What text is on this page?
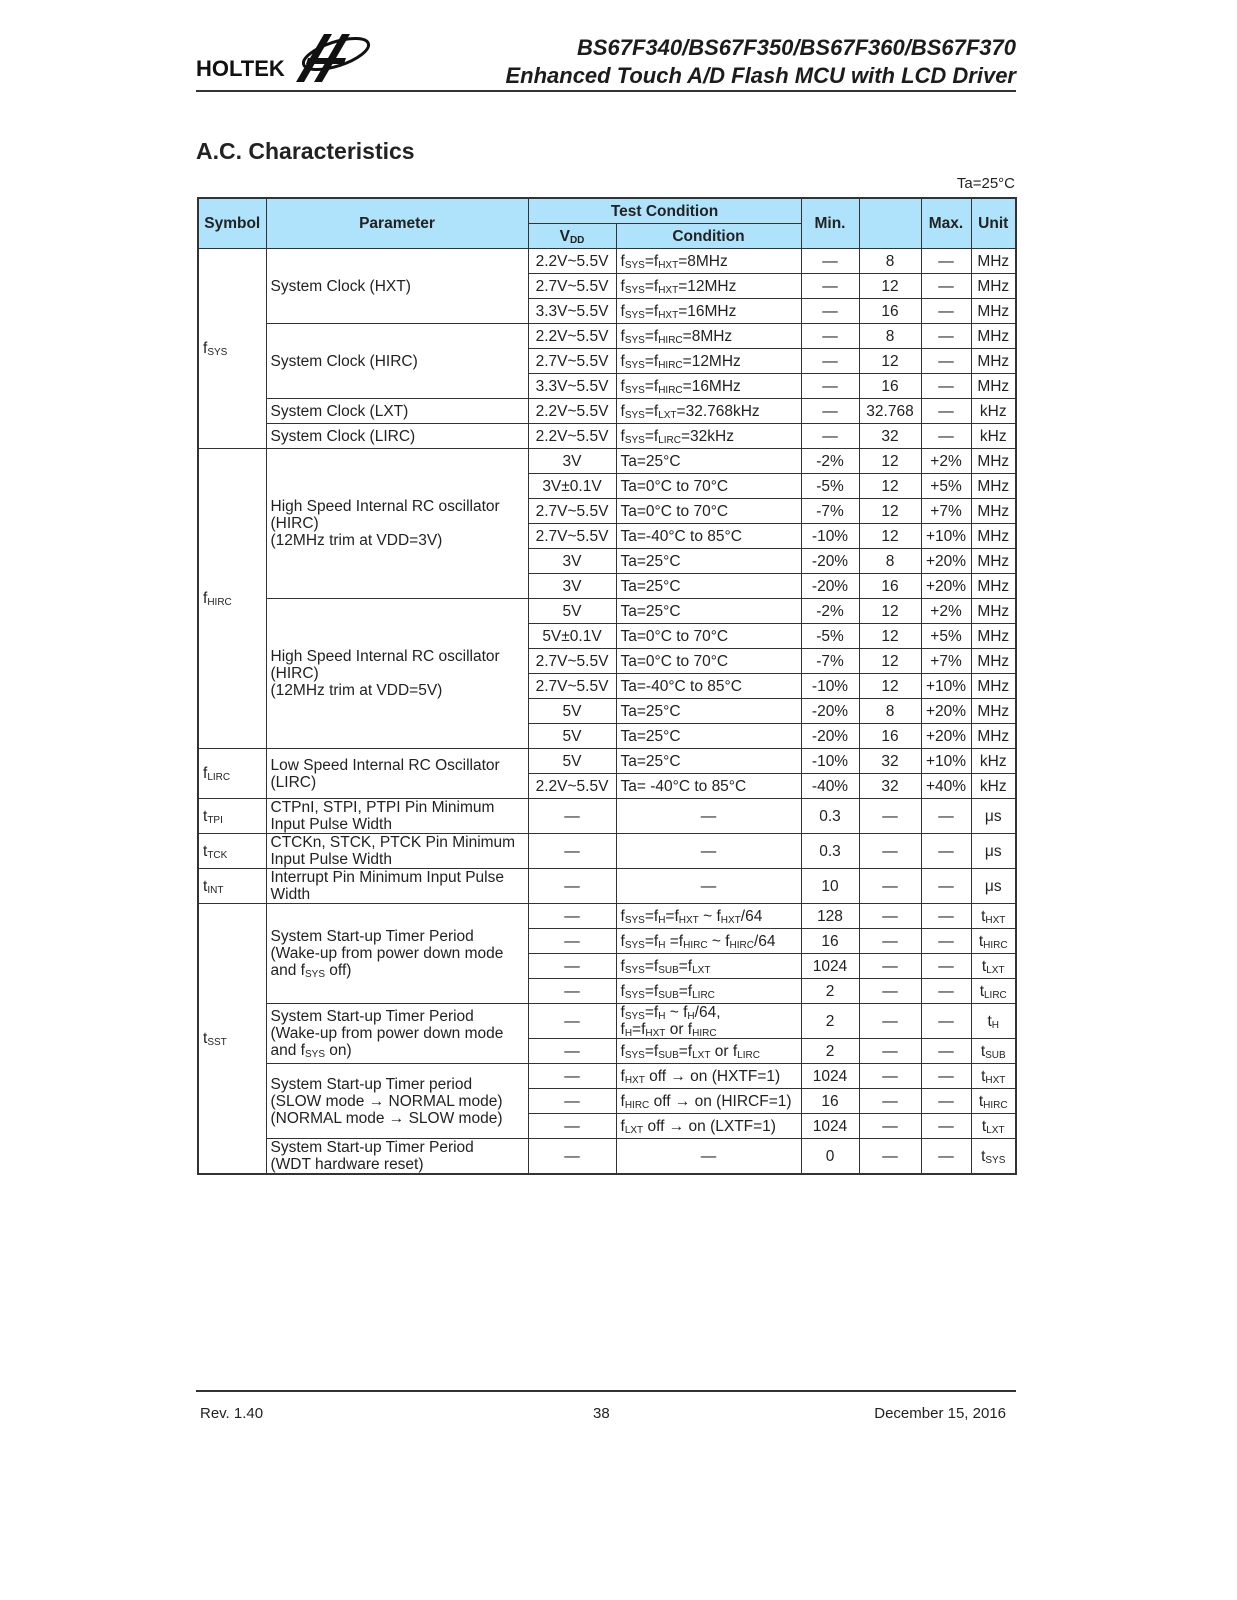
HOLTEK
BS67F340/BS67F350/BS67F360/BS67F370
Enhanced Touch A/D Flash MCU with LCD Driver
A.C. Characteristics
Ta=25°C
Symbol	Parameter	Test Condition		Min.		Max.	Unit
		$V_{DD}$	Condition				
$f_{SYS}$	System Clock (HXT)	2.2V~5.5V	$f_{SYS}=f_{HXT}=8MHz$	—	8	—	MHz
		2.7V~5.5V	$f_{SYS}=f_{HXT}=12MHz$	—	12	—	MHz
		3.3V~5.5V	$f_{SYS}=f_{HXT}=16MHz$	—	16	—	MHz
	System Clock (HIRC)	2.2V~5.5V	$f_{SYS}=f_{HIRC}=8MHz$	—	8	—	MHz
		2.7V~5.5V	$f_{SYS}=f_{HIRC}=12MHz$	—	12	—	MHz
		3.3V~5.5V	$f_{SYS}=f_{HIRC}=16MHz$	—	16	—	MHz
	System Clock (LXT)	2.2V~5.5V	$f_{SYS}=f_{LXT}=32.768kHz$	—	32.768	—	kHz
	System Clock (LIRC)	2.2V~5.5V	$f_{SYS}=f_{LIRC}=32kHz$	—	32	—	kHz
$f_{HIRC}$	High Speed Internal RC oscillator
(HIRC)
(12MHz trim at VDD=3V)	3V	Ta=25°C	-2%	12	+2%	MHz
		3V±0.1V	Ta=0°C to 70°C	-5%	12	+5%	MHz
		2.7V~5.5V	Ta=0°C to 70°C	-7%	12	+7%	MHz
		2.7V~5.5V	Ta=-40°C to 85°C	-10%	12	+10%	MHz
		3V	Ta=25°C	-20%	8	+20%	MHz
		3V	Ta=25°C	-20%	16	+20%	MHz
	High Speed Internal RC oscillator
(HIRC)
(12MHz trim at VDD=5V)	5V	Ta=25°C	-2%	12	+2%	MHz
		5V±0.1V	Ta=0°C to 70°C	-5%	12	+5%	MHz
		2.7V~5.5V	Ta=0°C to 70°C	-7%	12	+7%	MHz
		2.7V~5.5V	Ta=-40°C to 85°C	-10%	12	+10%	MHz
		5V	Ta=25°C	-20%	8	+20%	MHz
		5V	Ta=25°C	-20%	16	+20%	MHz
$f_{LIRC}$	Low Speed Internal RC Oscillator
(LIRC)	5V	Ta=25°C	-10%	32	+10%	kHz
		2.2V~5.5V	Ta= -40°C to 85°C	-40%	32	+40%	kHz
$t_{TPI}$	CTPnI, STPI, PTPI Pin Minimum
Input Pulse Width	—	—	0.3	—	—	μs
$t_{TCK}$	CTCKn, STCK, PTCK Pin Minimum
Input Pulse Width	—	—	0.3	—	—	μs
$t_{INT}$	Interrupt Pin Minimum Input Pulse
Width	—	—	10	—	—	μs
$t_{SST}$	System Start-up Timer Period
(Wake-up from power down mode
and $f_{SYS}$ off)	—	$f_{SYS}=f_H=f_{HXT}$ ~ $f_{HXT}/64$	128	—	—	$t_{HXT}$
		—	$f_{SYS}=f_H =f_{HIRC}$ ~ $f_{HIRC}/64$	16	—	—	$t_{HIRC}$
		—	$f_{SYS}=f_{SUB}=f_{LXT}$	1024	—	—	$t_{LXT}$
		—	$f_{SYS}=f_{SUB}=f_{LIRC}$	2	—	—	$t_{LIRC}$
	System Start-up Timer Period
(Wake-up from power down mode
and $f_{SYS}$ on)	—	$f_{SYS}=f_H$ ~ $f_H/64$,
$f_H=f_{HXT}$ or $f_{HIRC}$	2	—	—	$t_H$
		—	$f_{SYS}=f_{SUB}=f_{LXT}$ or $f_{LIRC}$	2	—	—	$t_{SUB}$
	System Start-up Timer period
(SLOW mode → NORMAL mode)
(NORMAL mode → SLOW mode)	—	$f_{HXT}$ off → on (HXTF=1)	1024	—	—	$t_{HXT}$
		—	$f_{HIRC}$ off → on (HIRCF=1)	16	—	—	$t_{HIRC}$
		—	$f_{LXT}$ off → on (LXTF=1)	1024	—	—	$t_{LXT}$
	System Start-up Timer Period
(WDT hardware reset)	—	—	0	—	—	$t_{SYS}$
Rev. 1.40	38	December 15, 2016
